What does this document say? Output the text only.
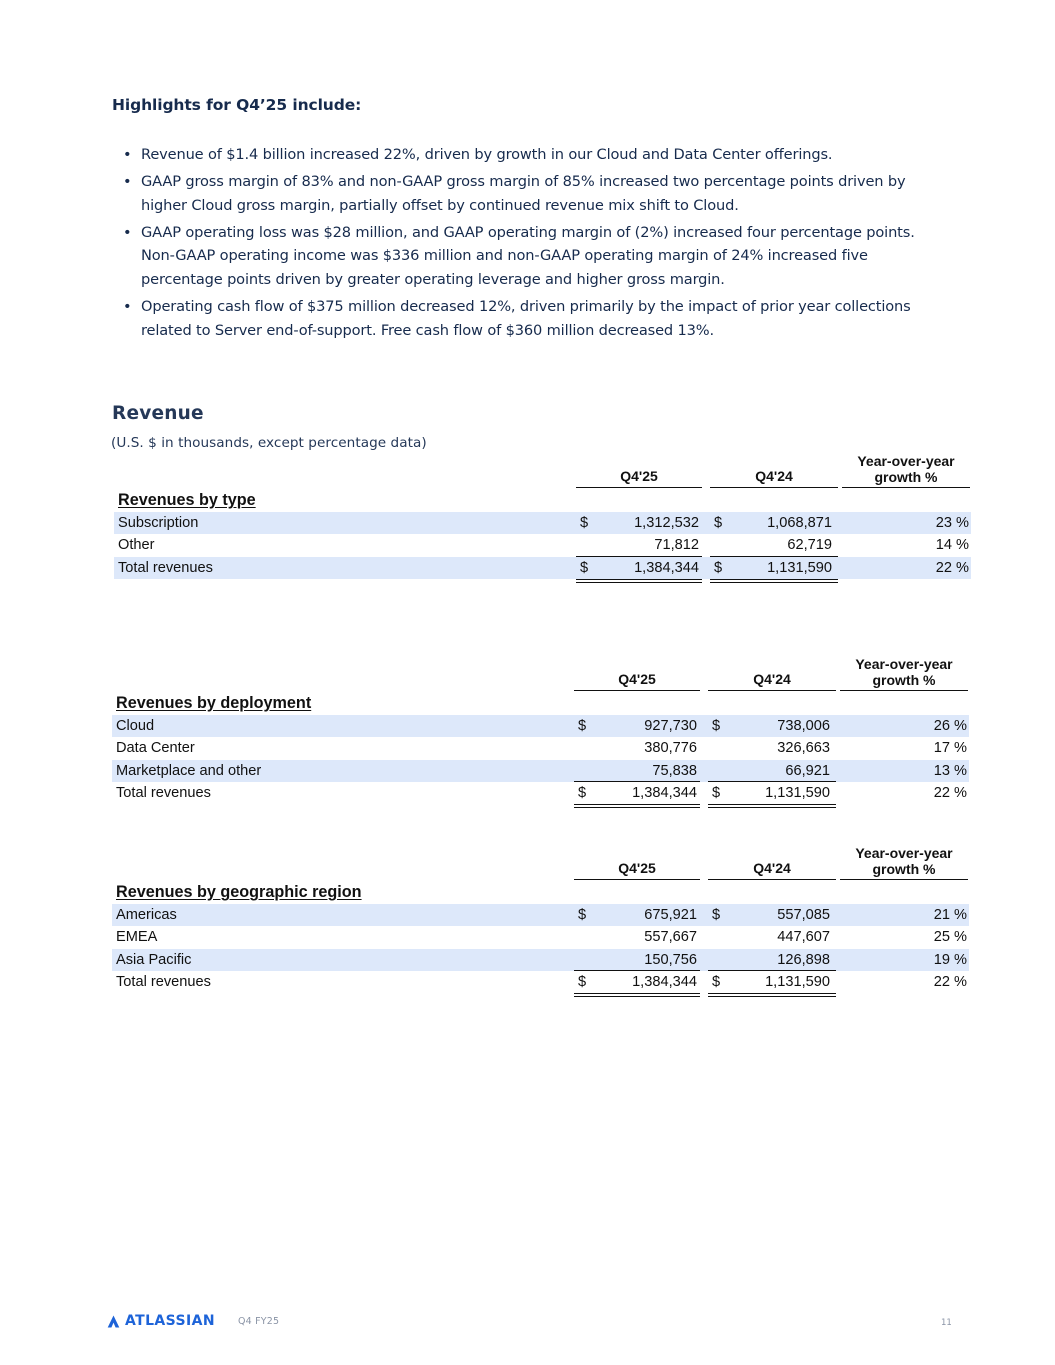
Highlights for Q4’25 include:
• Revenue of $1.4 billion increased 22%, driven by growth in our Cloud and Data Center offerings.
• GAAP gross margin of 83% and non-GAAP gross margin of 85% increased two percentage points driven by higher Cloud gross margin, partially offset by continued revenue mix shift to Cloud.
• GAAP operating loss was $28 million, and GAAP operating margin of (2%) increased four percentage points. Non-GAAP operating income was $336 million and non-GAAP operating margin of 24% increased five percentage points driven by greater operating leverage and higher gross margin.
• Operating cash flow of $375 million decreased 12%, driven primarily by the impact of prior year collections related to Server end-of-support. Free cash flow of $360 million decreased 13%.
Revenue
(U.S. $ in thousands, except percentage data)
Q4'25	Q4'24
Year-over-year growth %
Revenues by type
Subscription	$	1,312,532 $	1,068,871	23 %
Other	71,812	62,719	14 %
Total revenues	$	1,384,344 $	1,131,590	22 %
Q4'25	Q4'24
Year-over-year growth %
Revenues by deployment
Cloud	$	927,730 $	738,006	26 %
Data Center	380,776	326,663	17 %
Marketplace and other	75,838	66,921	13 %
Total revenues	$	1,384,344 $	1,131,590	22 %
Q4'25	Q4'24
Year-over-year growth %
Revenues by geographic region
Americas	$	675,921 $	557,085	21 %
EMEA	557,667	447,607	25 %
Asia Pacific	150,756	126,898	19 %
Total revenues	$	1,384,344 $	1,131,590	22 %
ATLASSIAN Q4 FY25	11
